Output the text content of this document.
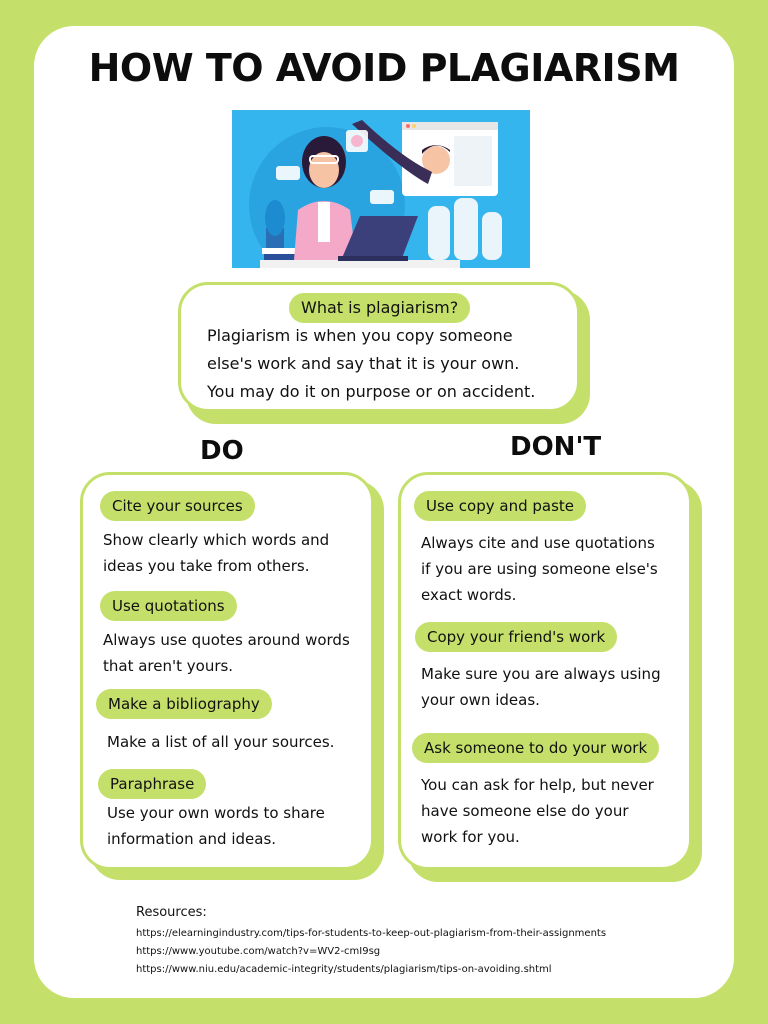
HOW TO AVOID PLAGIARISM
What is plagiarism?
Plagiarism is when you copy someone
else's work and say that it is your own.
You may do it on purpose or on accident.
DO	DON'T
Cite your sources
Show clearly which words and
ideas you take from others.
Use quotations
Always use quotes around words
that aren't yours.
Make a bibliography
Make a list of all your sources.
Paraphrase
Use your own words to share
information and ideas.
Use copy and paste
Always cite and use quotations
if you are using someone else's
exact words.
Copy your friend's work
Make sure you are always using
your own ideas.
Ask someone to do your work
You can ask for help, but never
have someone else do your
work for you.
Resources:
https://elearningindustry.com/tips-for-students-to-keep-out-plagiarism-from-their-assignments
https://www.youtube.com/watch?v=WV2-cmI9sg
https://www.niu.edu/academic-integrity/students/plagiarism/tips-on-avoiding.shtml
